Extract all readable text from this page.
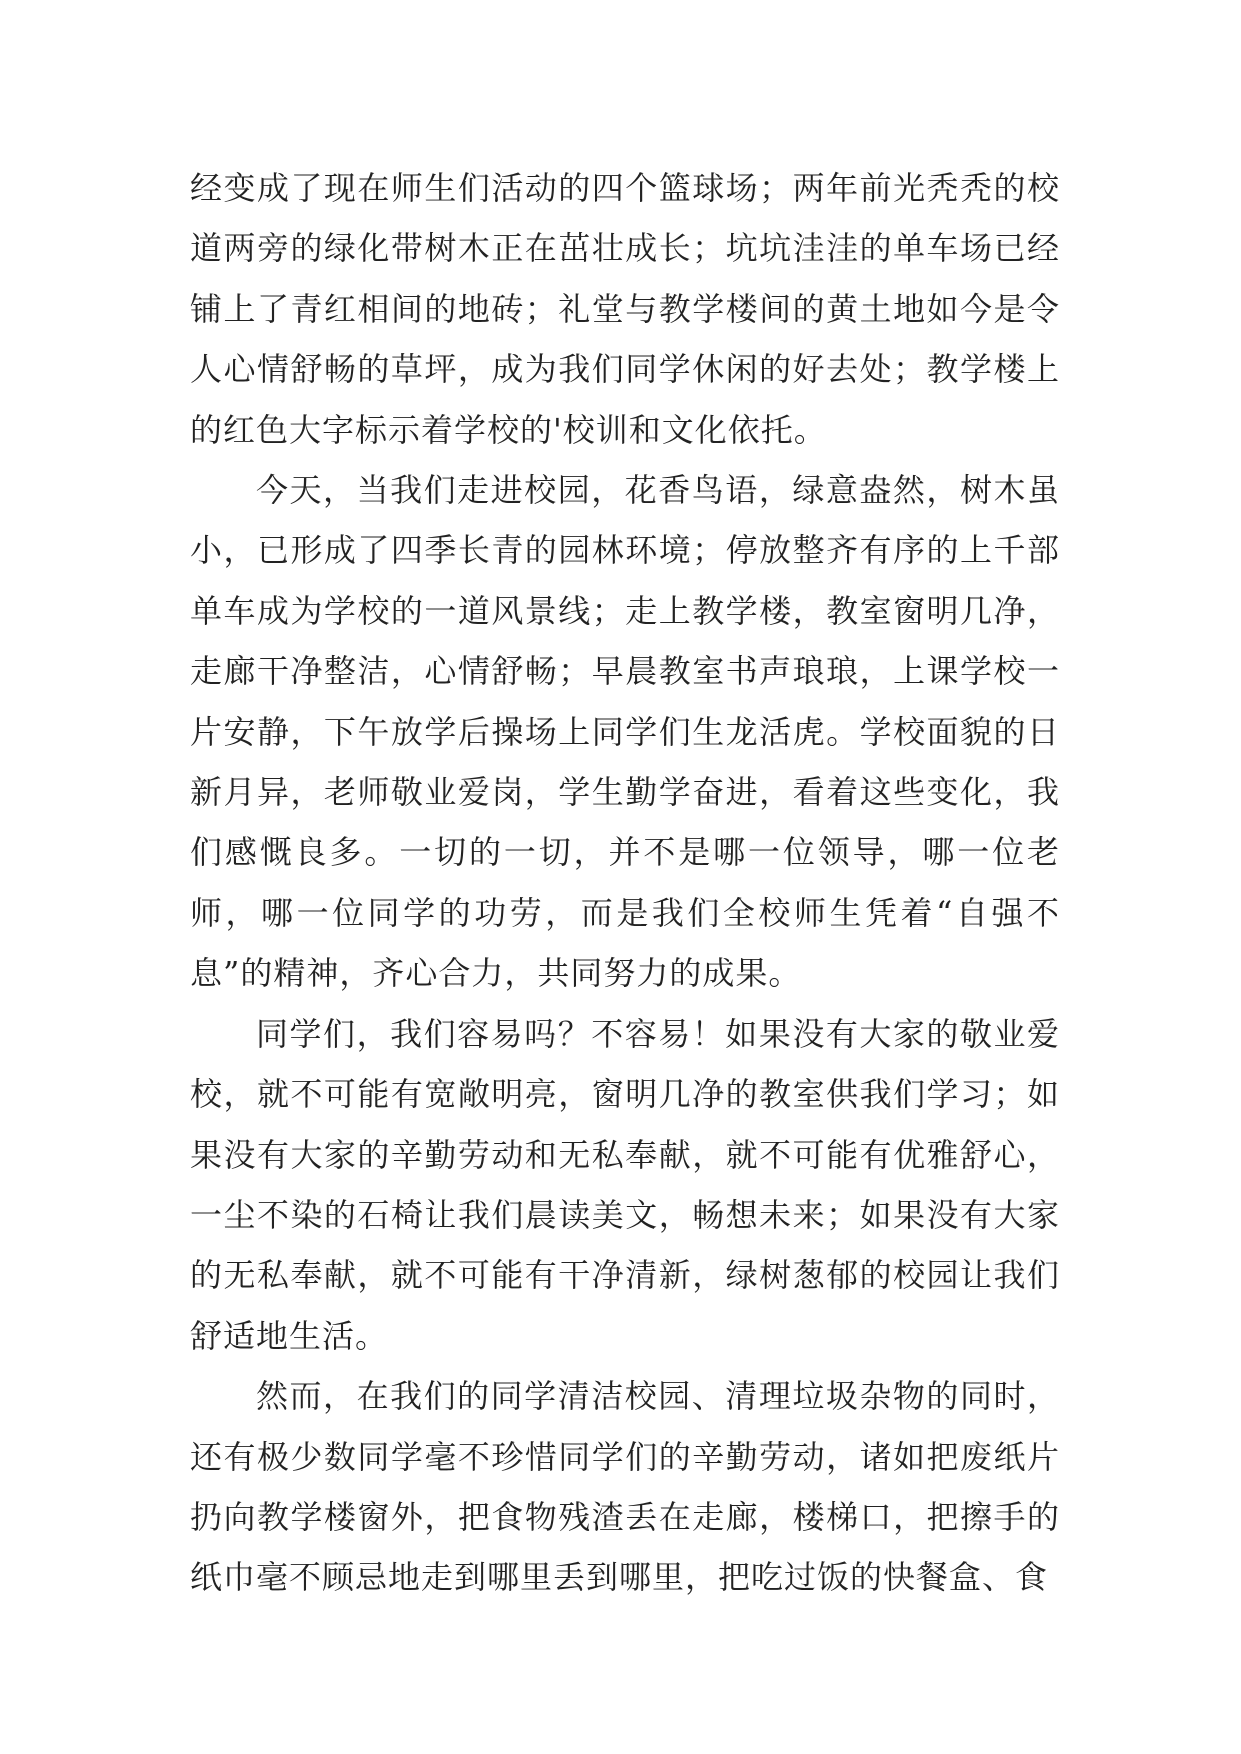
经变成了现在师生们活动的四个篮球场；两年前光秃秃的校道两旁的绿化带树木正在茁壮成长；坑坑洼洼的单车场已经铺上了青红相间的地砖；礼堂与教学楼间的黄土地如今是令人心情舒畅的草坪，成为我们同学休闲的好去处；教学楼上的红色大字标示着学校的'校训和文化依托。

今天，当我们走进校园，花香鸟语，绿意盎然，树木虽小，已形成了四季长青的园林环境；停放整齐有序的上千部单车成为学校的一道风景线；走上教学楼，教室窗明几净，走廊干净整洁，心情舒畅；早晨教室书声琅琅，上课学校一片安静，下午放学后操场上同学们生龙活虎。学校面貌的日新月异，老师敬业爱岗，学生勤学奋进，看着这些变化，我们感慨良多。一切的一切，并不是哪一位领导，哪一位老师，哪一位同学的功劳，而是我们全校师生凭着“自强不息”的精神，齐心合力，共同努力的成果。

同学们，我们容易吗？不容易！如果没有大家的敬业爱校，就不可能有宽敞明亮，窗明几净的教室供我们学习；如果没有大家的辛勤劳动和无私奉献，就不可能有优雅舒心，一尘不染的石椅让我们晨读美文，畅想未来；如果没有大家的无私奉献，就不可能有干净清新，绿树葱郁的校园让我们舒适地生活。

然而，在我们的同学清洁校园、清理垃圾杂物的同时，还有极少数同学毫不珍惜同学们的辛勤劳动，诸如把废纸片扔向教学楼窗外，把食物残渣丢在走廊，楼梯口，把擦手的纸巾毫不顾忌地走到哪里丢到哪里，把吃过饭的快餐盒、食
